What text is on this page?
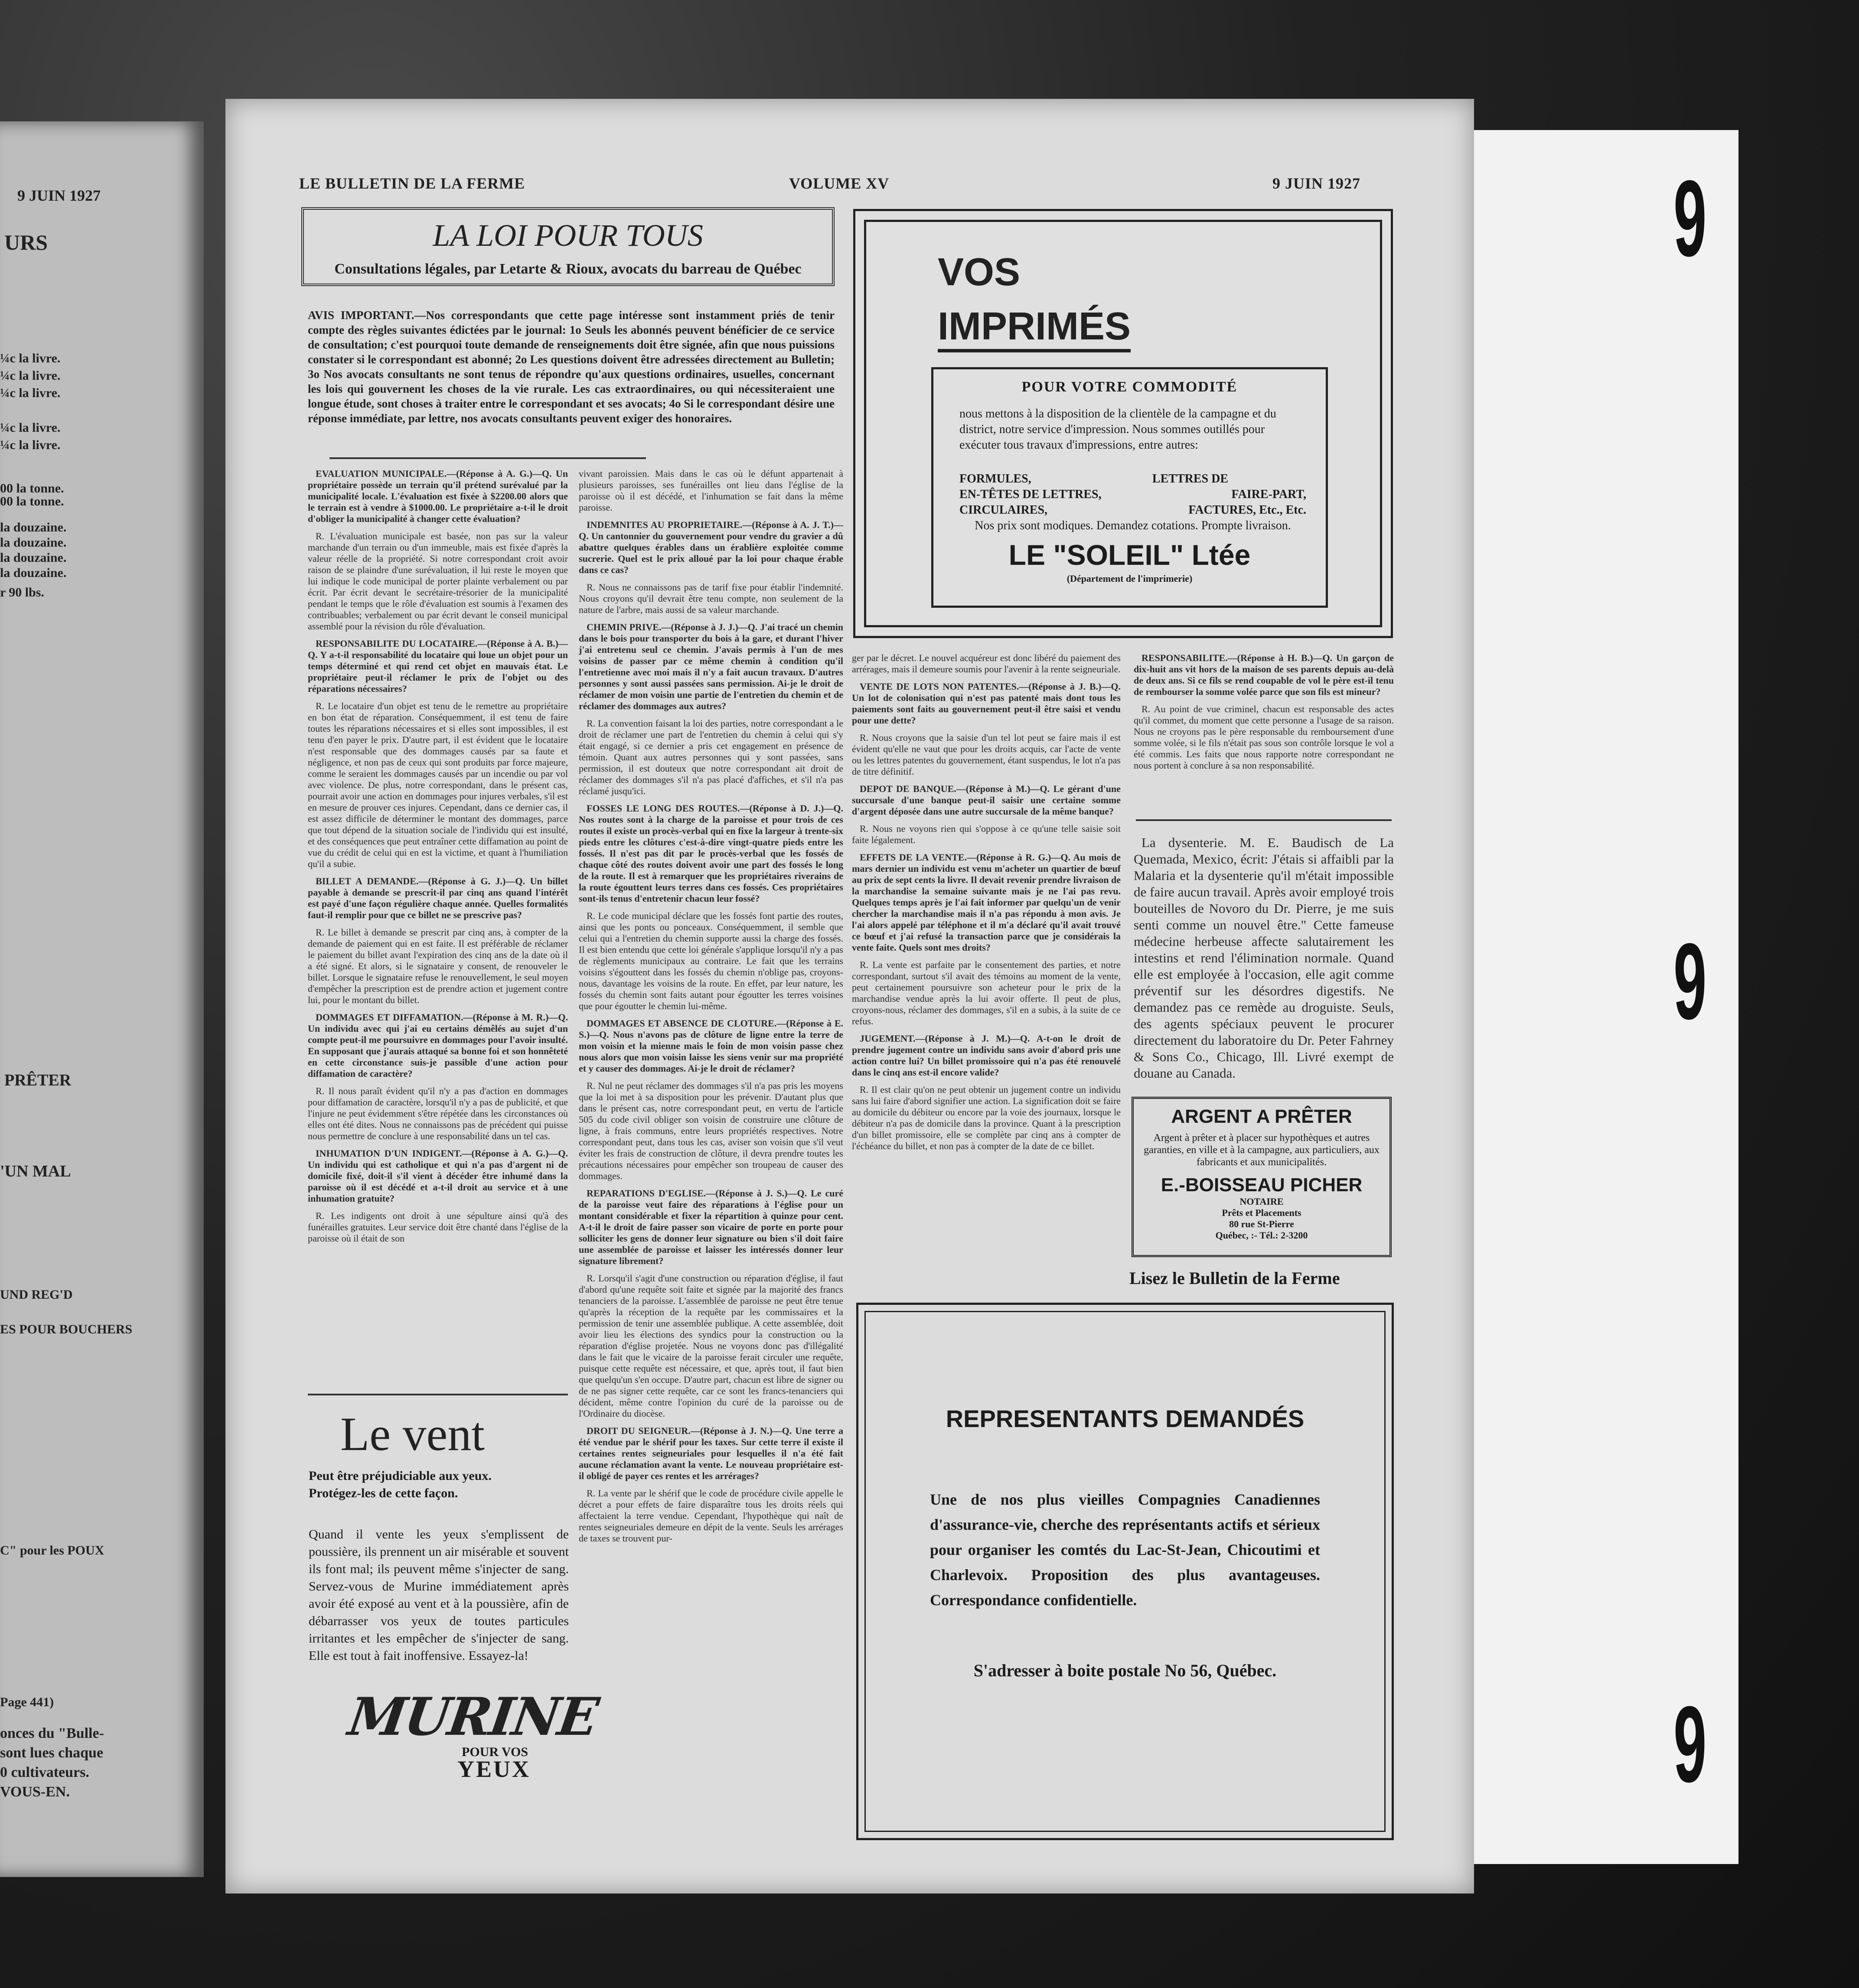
9 JUIN 1927
URS
¼c la livre.
¼c la livre.
¼c la livre.
¼c la livre.
¼c la livre.
00 la tonne.
00 la tonne.
la douzaine.
la douzaine.
la douzaine.
la douzaine.
r 90 lbs.
PRÊTER
'UN MAL
UND REG'D
ES POUR BOUCHERS
C" pour les POUX
Page 441)
onces du "Bulle-
sont lues chaque
0 cultivateurs.
VOUS-EN.
9
9
9
LE BULLETIN DE LA FERME	VOLUME XV	9 JUIN 1927
LA LOI POUR TOUS
Consultations légales, par Letarte & Rioux, avocats du barreau de Québec
AVIS IMPORTANT.—Nos correspondants que cette page intéresse sont instamment priés de tenir compte des règles suivantes édictées par le journal: 1o Seuls les abonnés peuvent bénéficier de ce service de consultation; c'est pourquoi toute demande de renseignements doit être signée, afin que nous puissions constater si le correspondant est abonné; 2o Les questions doivent être adressées directement au Bulletin; 3o Nos avocats consultants ne sont tenus de répondre qu'aux questions ordinaires, usuelles, concernant les lois qui gouvernent les choses de la vie rurale. Les cas extraordinaires, ou qui nécessiteraient une longue étude, sont choses à traiter entre le correspondant et ses avocats; 4o Si le correspondant désire une réponse immédiate, par lettre, nos avocats consultants peuvent exiger des honoraires.

EVALUATION MUNICIPALE.—(Réponse à A. G.)—Q. Un propriétaire possède un terrain qu'il prétend surévalué par la municipalité locale. L'évaluation est fixée à $2200.00 alors que le terrain est à vendre à $1000.00. Le propriétaire a-t-il le droit d'obliger la municipalité à changer cette évaluation?

R. L'évaluation municipale est basée, non pas sur la valeur marchande d'un terrain ou d'un immeuble, mais est fixée d'après la valeur réelle de la propriété. Si notre correspondant croit avoir raison de se plaindre d'une surévaluation, il lui reste le moyen que lui indique le code municipal de porter plainte verbalement ou par écrit. Par écrit devant le secrétaire-trésorier de la municipalité pendant le temps que le rôle d'évaluation est soumis à l'examen des contribuables; verbalement ou par écrit devant le conseil municipal assemblé pour la révision du rôle d'évaluation.

RESPONSABILITE DU LOCATAIRE.—(Réponse à A. B.)—Q. Y a-t-il responsabilité du locataire qui loue un objet pour un temps déterminé et qui rend cet objet en mauvais état. Le propriétaire peut-il réclamer le prix de l'objet ou des réparations nécessaires?

R. Le locataire d'un objet est tenu de le remettre au propriétaire en bon état de réparation. Conséquemment, il est tenu de faire toutes les réparations nécessaires et si elles sont impossibles, il est tenu d'en payer le prix. D'autre part, il est évident que le locataire n'est responsable que des dommages causés par sa faute et négligence, et non pas de ceux qui sont produits par force majeure, comme le seraient les dommages causés par un incendie ou par vol avec violence. De plus, notre correspondant, dans le présent cas, pourrait avoir une action en dommages pour injures verbales, s'il est en mesure de prouver ces injures. Cependant, dans ce dernier cas, il est assez difficile de déterminer le montant des dommages, parce que tout dépend de la situation sociale de l'individu qui est insulté, et des conséquences que peut entraîner cette diffamation au point de vue du crédit de celui qui en est la victime, et quant à l'humiliation qu'il a subie.

BILLET A DEMANDE.—(Réponse à G. J.)—Q. Un billet payable à demande se prescrit-il par cinq ans quand l'intérêt est payé d'une façon régulière chaque année. Quelles formalités faut-il remplir pour que ce billet ne se prescrive pas?

R. Le billet à demande se prescrit par cinq ans, à compter de la demande de paiement qui en est faite. Il est préférable de réclamer le paiement du billet avant l'expiration des cinq ans de la date où il a été signé. Et alors, si le signataire y consent, de renouveler le billet. Lorsque le signataire refuse le renouvellement, le seul moyen d'empêcher la prescription est de prendre action et jugement contre lui, pour le montant du billet.

DOMMAGES ET DIFFAMATION.—(Réponse à M. R.)—Q. Un individu avec qui j'ai eu certains démêlés au sujet d'un compte peut-il me poursuivre en dommages pour l'avoir insulté. En supposant que j'aurais attaqué sa bonne foi et son honnêteté en cette circonstance suis-je passible d'une action pour diffamation de caractère?

R. Il nous paraît évident qu'il n'y a pas d'action en dommages pour diffamation de caractère, lorsqu'il n'y a pas de publicité, et que l'injure ne peut évidemment s'être répétée dans les circonstances où elles ont été dites. Nous ne connaissons pas de précédent qui puisse nous permettre de conclure à une responsabilité dans un tel cas.

INHUMATION D'UN INDIGENT.—(Réponse à A. G.)—Q. Un individu qui est catholique et qui n'a pas d'argent ni de domicile fixé, doit-il s'il vient à décéder être inhumé dans la paroisse où il est décédé et a-t-il droit au service et à une inhumation gratuite?

R. Les indigents ont droit à une sépulture ainsi qu'à des funérailles gratuites. Leur service doit être chanté dans l'église de la paroisse où il était de son

Le vent
Peut être préjudiciable aux yeux. Protégez-les de cette façon.
Quand il vente les yeux s'emplissent de poussière, ils prennent un air misérable et souvent ils font mal; ils peuvent même s'injecter de sang. Servez-vous de Murine immédiatement après avoir été exposé au vent et à la poussière, afin de débarrasser vos yeux de toutes particules irritantes et les empêcher de s'injecter de sang. Elle est tout à fait inoffensive. Essayez-la!
MURINE
POUR VOS
YEUX

vivant paroissien. Mais dans le cas où le défunt appartenait à plusieurs paroisses, ses funérailles ont lieu dans l'église de la paroisse où il est décédé, et l'inhumation se fait dans la même paroisse.

INDEMNITES AU PROPRIETAIRE.—(Réponse à A. J. T.)—Q. Un cantonnier du gouvernement pour vendre du gravier a dû abattre quelques érables dans un érablière exploitée comme sucrerie. Quel est le prix alloué par la loi pour chaque érable dans ce cas?

R. Nous ne connaissons pas de tarif fixe pour établir l'indemnité. Nous croyons qu'il devrait être tenu compte, non seulement de la nature de l'arbre, mais aussi de sa valeur marchande.

CHEMIN PRIVE.—(Réponse à J. J.)—Q. J'ai tracé un chemin dans le bois pour transporter du bois à la gare, et durant l'hiver j'ai entretenu seul ce chemin. J'avais permis à l'un de mes voisins de passer par ce même chemin à condition qu'il l'entretienne avec moi mais il n'y a fait aucun travaux. D'autres personnes y sont aussi passées sans permission. Ai-je le droit de réclamer de mon voisin une partie de l'entretien du chemin et de réclamer des dommages aux autres?

R. La convention faisant la loi des parties, notre correspondant a le droit de réclamer une part de l'entretien du chemin à celui qui s'y était engagé, si ce dernier a pris cet engagement en présence de témoin. Quant aux autres personnes qui y sont passées, sans permission, il est douteux que notre correspondant ait droit de réclamer des dommages s'il n'a pas placé d'affiches, et s'il n'a pas réclamé jusqu'ici.

FOSSES LE LONG DES ROUTES.—(Réponse à D. J.)—Q. Nos routes sont à la charge de la paroisse et pour trois de ces routes il existe un procès-verbal qui en fixe la largeur à trente-six pieds entre les clôtures c'est-à-dire vingt-quatre pieds entre les fossés. Il n'est pas dit par le procès-verbal que les fossés de chaque côté des routes doivent avoir une part des fossés le long de la route. Il est à remarquer que les propriétaires riverains de la route égouttent leurs terres dans ces fossés. Ces propriétaires sont-ils tenus d'entretenir chacun leur fossé?

R. Le code municipal déclare que les fossés font partie des routes, ainsi que les ponts ou ponceaux. Conséquemment, il semble que celui qui a l'entretien du chemin supporte aussi la charge des fossés. Il est bien entendu que cette loi générale s'applique lorsqu'il n'y a pas de règlements municipaux au contraire. Le fait que les terrains voisins s'égouttent dans les fossés du chemin n'oblige pas, croyons-nous, davantage les voisins de la route. En effet, par leur nature, les fossés du chemin sont faits autant pour égoutter les terres voisines que pour égoutter le chemin lui-même.

DOMMAGES ET ABSENCE DE CLOTURE.—(Réponse à E. S.)—Q. Nous n'avons pas de clôture de ligne entre la terre de mon voisin et la mienne mais le foin de mon voisin passe chez nous alors que mon voisin laisse les siens venir sur ma propriété et y causer des dommages. Ai-je le droit de réclamer?

R. Nul ne peut réclamer des dommages s'il n'a pas pris les moyens que la loi met à sa disposition pour les prévenir. D'autant plus que dans le présent cas, notre correspondant peut, en vertu de l'article 505 du code civil obliger son voisin de construire une clôture de ligne, à frais communs, entre leurs propriétés respectives. Notre correspondant peut, dans tous les cas, aviser son voisin que s'il veut éviter les frais de construction de clôture, il devra prendre toutes les précautions nécessaires pour empêcher son troupeau de causer des dommages.

REPARATIONS D'EGLISE.—(Réponse à J. S.)—Q. Le curé de la paroisse veut faire des réparations à l'église pour un montant considérable et fixer la répartition à quinze pour cent. A-t-il le droit de faire passer son vicaire de porte en porte pour solliciter les gens de donner leur signature ou bien s'il doit faire une assemblée de paroisse et laisser les intéressés donner leur signature librement?

R. Lorsqu'il s'agit d'une construction ou réparation d'église, il faut d'abord qu'une requête soit faite et signée par la majorité des francs tenanciers de la paroisse. L'assemblée de paroisse ne peut être tenue qu'après la réception de la requête par les commissaires et la permission de tenir une assemblée publique. A cette assemblée, doit avoir lieu les élections des syndics pour la construction ou la réparation d'église projetée. Nous ne voyons donc pas d'illégalité dans le fait que le vicaire de la paroisse ferait circuler une requête, puisque cette requête est nécessaire, et que, après tout, il faut bien que quelqu'un s'en occupe. D'autre part, chacun est libre de signer ou de ne pas signer cette requête, car ce sont les francs-tenanciers qui décident, même contre l'opinion du curé de la paroisse ou de l'Ordinaire du diocèse.

DROIT DU SEIGNEUR.—(Réponse à J. N.)—Q. Une terre a été vendue par le shérif pour les taxes. Sur cette terre il existe il certaines rentes seigneuriales pour lesquelles il n'a été fait aucune réclamation avant la vente. Le nouveau propriétaire est-il obligé de payer ces rentes et les arrérages?

R. La vente par le shérif que le code de procédure civile appelle le décret a pour effets de faire disparaître tous les droits réels qui affectaient la terre vendue. Cependant, l'hypothèque qui naît de rentes seigneuriales demeure en dépit de la vente. Seuls les arrérages de taxes se trouvent pur-

VOS
IMPRIMÉS
POUR VOTRE COMMODITÉ
nous mettons à la disposition de la clientèle de la campagne et du district, notre service d'impression. Nous sommes outillés pour exécuter tous travaux d'impressions, entre autres:
FORMULES,	LETTRES DE
EN-TÊTES DE LETTRES,	FAIRE-PART,
CIRCULAIRES,	FACTURES, Etc., Etc.
Nos prix sont modiques. Demandez cotations. Prompte livraison.
LE "SOLEIL" Ltée
(Département de l'imprimerie)

ger par le décret. Le nouvel acquéreur est donc libéré du paiement des arrérages, mais il demeure soumis pour l'avenir à la rente seigneuriale.

VENTE DE LOTS NON PATENTES.—(Réponse à J. B.)—Q. Un lot de colonisation qui n'est pas patenté mais dont tous les paiements sont faits au gouvernement peut-il être saisi et vendu pour une dette?

R. Nous croyons que la saisie d'un tel lot peut se faire mais il est évident qu'elle ne vaut que pour les droits acquis, car l'acte de vente ou les lettres patentes du gouvernement, étant suspendus, le lot n'a pas de titre définitif.

DEPOT DE BANQUE.—(Réponse à M.)—Q. Le gérant d'une succursale d'une banque peut-il saisir une certaine somme d'argent déposée dans une autre succursale de la même banque?

R. Nous ne voyons rien qui s'oppose à ce qu'une telle saisie soit faite légalement.

EFFETS DE LA VENTE.—(Réponse à R. G.)—Q. Au mois de mars dernier un individu est venu m'acheter un quartier de bœuf au prix de sept cents la livre. Il devait revenir prendre livraison de la marchandise la semaine suivante mais je ne l'ai pas revu. Quelques temps après je l'ai fait informer par quelqu'un de venir chercher la marchandise mais il n'a pas répondu à mon avis. Je l'ai alors appelé par téléphone et il m'a déclaré qu'il avait trouvé ce bœuf et j'ai refusé la transaction parce que je considérais la vente faite. Quels sont mes droits?

R. La vente est parfaite par le consentement des parties, et notre correspondant, surtout s'il avait des témoins au moment de la vente, peut certainement poursuivre son acheteur pour le prix de la marchandise vendue après la lui avoir offerte. Il peut de plus, croyons-nous, réclamer des dommages, s'il en a subis, à la suite de ce refus.

JUGEMENT.—(Réponse à J. M.)—Q. A-t-on le droit de prendre jugement contre un individu sans avoir d'abord pris une action contre lui? Un billet promissoire qui n'a pas été renouvelé dans le cinq ans est-il encore valide?

R. Il est clair qu'on ne peut obtenir un jugement contre un individu sans lui faire d'abord signifier une action. La signification doit se faire au domicile du débiteur ou encore par la voie des journaux, lorsque le débiteur n'a pas de domicile dans la province. Quant à la prescription d'un billet promissoire, elle se complète par cinq ans à compter de l'échéance du billet, et non pas à compter de la date de ce billet.

RESPONSABILITE.—(Réponse à H. B.)—Q. Un garçon de dix-huit ans vit hors de la maison de ses parents depuis au-delà de deux ans. Si ce fils se rend coupable de vol le père est-il tenu de rembourser la somme volée parce que son fils est mineur?

R. Au point de vue criminel, chacun est responsable des actes qu'il commet, du moment que cette personne a l'usage de sa raison. Nous ne croyons pas le père responsable du remboursement d'une somme volée, si le fils n'était pas sous son contrôle lorsque le vol a été commis. Les faits que nous rapporte notre correspondant ne nous portent à conclure à sa non responsabilité.

La dysenterie. M. E. Baudisch de La Quemada, Mexico, écrit: J'étais si affaibli par la Malaria et la dysenterie qu'il m'était impossible de faire aucun travail. Après avoir employé trois bouteilles de Novoro du Dr. Pierre, je me suis senti comme un nouvel être." Cette fameuse médecine herbeuse affecte salutairement les intestins et rend l'élimination normale. Quand elle est employée à l'occasion, elle agit comme préventif sur les désordres digestifs. Ne demandez pas ce remède au droguiste. Seuls, des agents spéciaux peuvent le procurer directement du laboratoire du Dr. Peter Fahrney & Sons Co., Chicago, Ill. Livré exempt de douane au Canada.

ARGENT A PRÊTER
Argent à prêter et à placer sur hypothèques et autres garanties, en ville et à la campagne, aux particuliers, aux fabricants et aux municipalités.
E.-BOISSEAU PICHER
NOTAIRE
Prêts et Placements
80 rue St-Pierre
Québec, :- Tél.: 2-3200
Lisez le Bulletin de la Ferme
REPRESENTANTS DEMANDÉS
Une de nos plus vieilles Compagnies Canadiennes d'assurance-vie, cherche des représentants actifs et sérieux pour organiser les comtés du Lac-St-Jean, Chicoutimi et Charlevoix. Proposition des plus avantageuses. Correspondance confidentielle.
S'adresser à boite postale No 56, Québec.
